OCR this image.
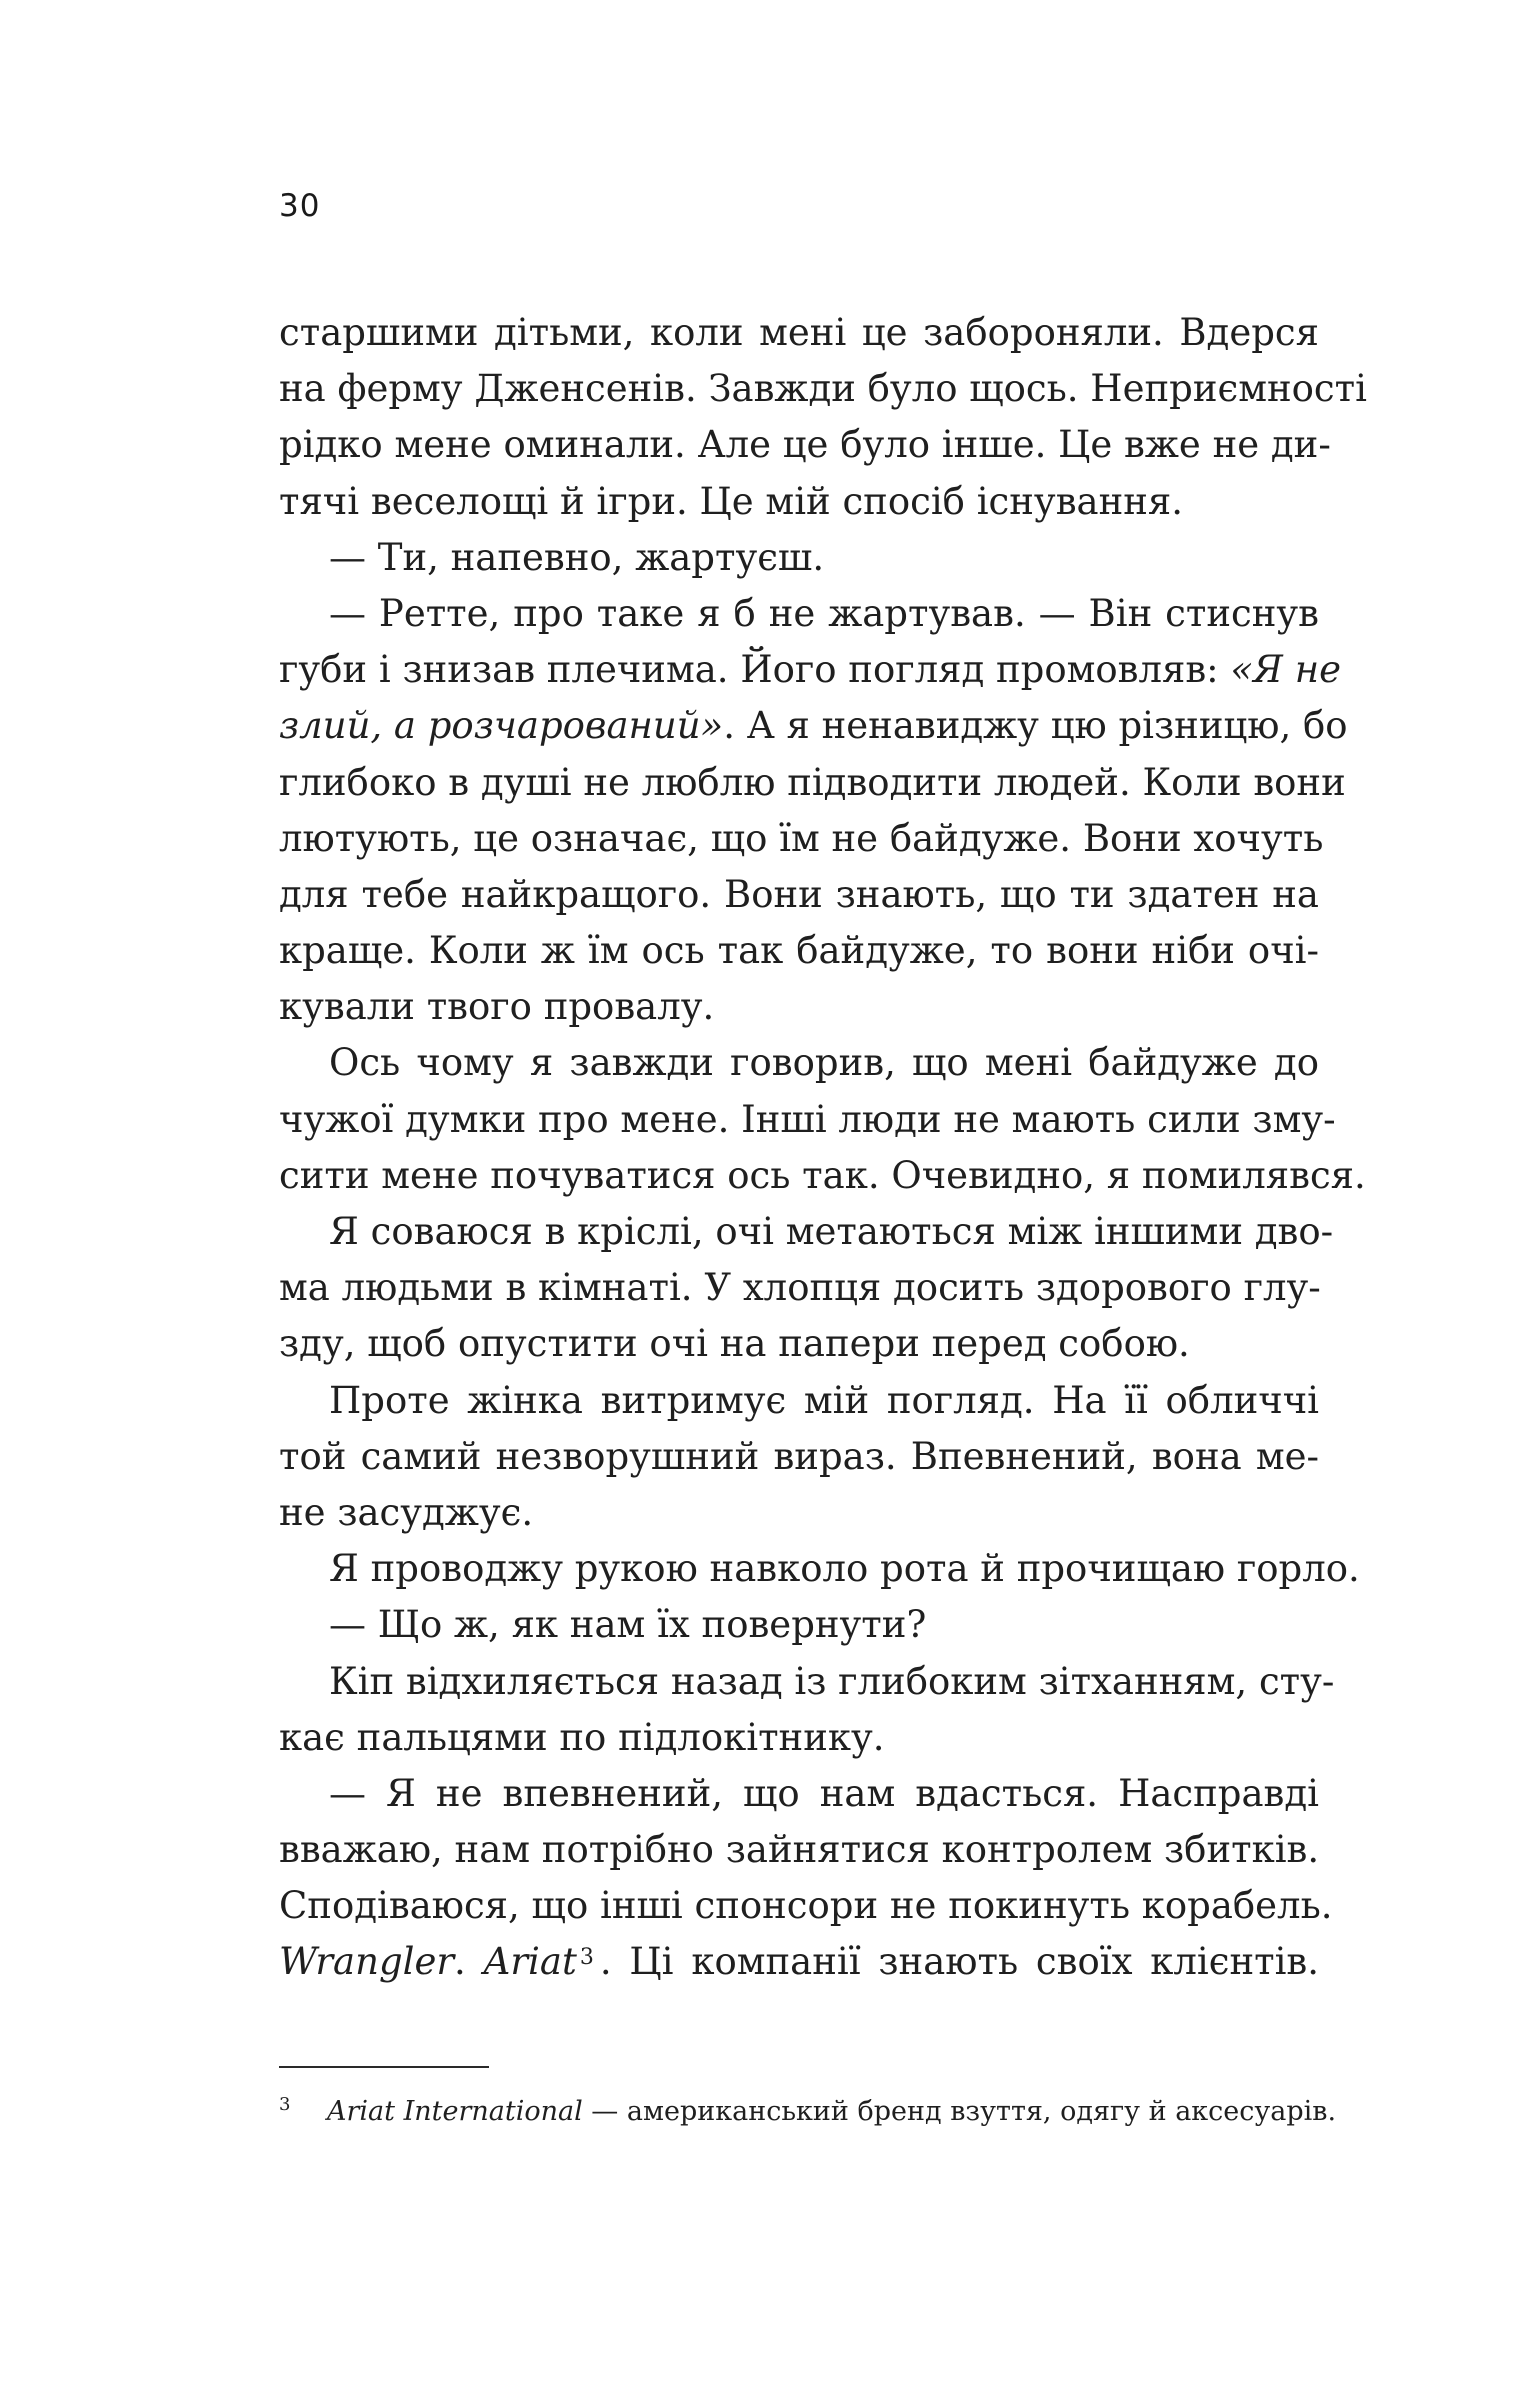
30
старшими дітьми, коли мені це забороняли. Вдерся
на ферму Дженсенів. Завжди було щось. Неприємності
рідко мене оминали. Але це було інше. Це вже не ди-
тячі веселощі й ігри. Це мій спосіб існування.
— Ти, напевно, жартуєш.
— Ретте, про таке я б не жартував. — Він стиснув
губи і знизав плечима. Його погляд промовляв: «Я не
злий, а розчарований». А я ненавиджу цю різницю, бо
глибоко в душі не люблю підводити людей. Коли вони
лютують, це означає, що їм не байдуже. Вони хочуть
для тебе найкращого. Вони знають, що ти здатен на
краще. Коли ж їм ось так байдуже, то вони ніби очі-
кували твого провалу.
Ось чому я завжди говорив, що мені байдуже до
чужої думки про мене. Інші люди не мають сили зму-
сити мене почуватися ось так. Очевидно, я помилявся.
Я соваюся в кріслі, очі метаються між іншими дво-
ма людьми в кімнаті. У хлопця досить здорового глу-
зду, щоб опустити очі на папери перед собою.
Проте жінка витримує мій погляд. На її обличчі
той самий незворушний вираз. Впевнений, вона ме-
не засуджує.
Я проводжу рукою навколо рота й прочищаю горло.
— Що ж, як нам їх повернути?
Кіп відхиляється назад із глибоким зітханням, сту-
кає пальцями по підлокітнику.
— Я не впевнений, що нам вдасться. Насправді
вважаю, нам потрібно зайнятися контролем збитків.
Сподіваюся, що інші спонсори не покинуть корабель.
Wrangler. Ariat $^3$ . Ці компанії знають своїх клієнтів.
3 Ariat International — американський бренд взуття, одягу й аксесуарів.
